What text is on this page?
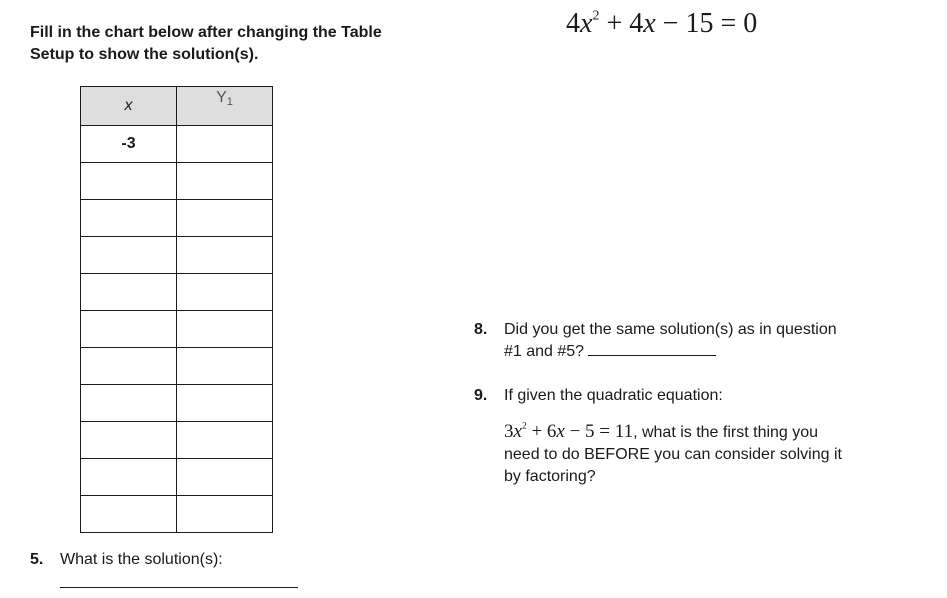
Fill in the chart below after changing the Table Setup to show the solution(s).
$4x^2 + 4x - 15 = 0$
x	$Y_1$
-3	

5. What is the solution(s):
8. Did you get the same solution(s) as in question #1 and #5?
9. If given the quadratic equation:
$3x^2 + 6x - 5 = 11$, what is the first thing you need to do BEFORE you can consider solving it by factoring?
